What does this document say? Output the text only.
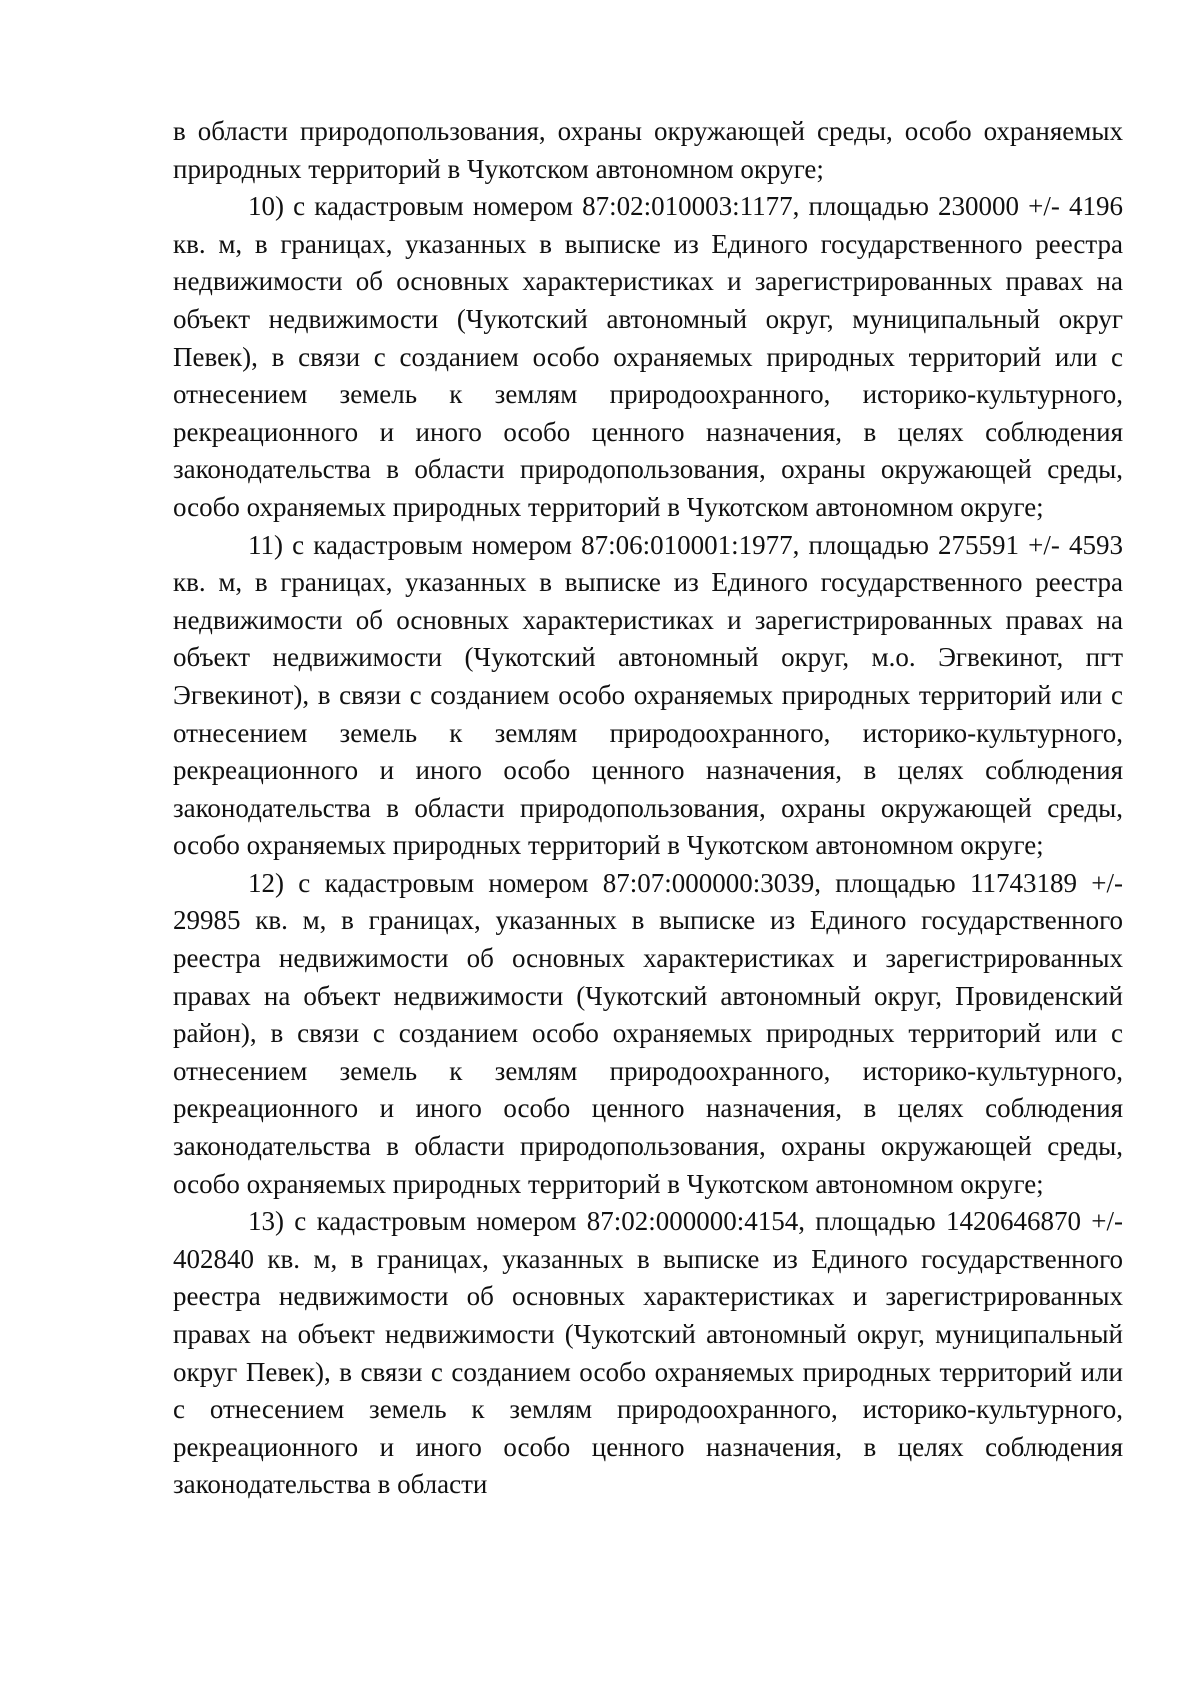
в области природопользования, охраны окружающей среды, особо охраняемых природных территорий в Чукотском автономном округе;

10) с кадастровым номером 87:02:010003:1177, площадью 230000 +/- 4196 кв. м, в границах, указанных в выписке из Единого государственного реестра недвижимости об основных характеристиках и зарегистрированных правах на объект недвижимости (Чукотский автономный округ, муниципальный округ Певек), в связи с созданием особо охраняемых природных территорий или с отнесением земель к землям природоохранного, историко-культурного, рекреационного и иного особо ценного назначения, в целях соблюдения законодательства в области природопользования, охраны окружающей среды, особо охраняемых природных территорий в Чукотском автономном округе;

11) с кадастровым номером 87:06:010001:1977, площадью 275591 +/- 4593 кв. м, в границах, указанных в выписке из Единого государственного реестра недвижимости об основных характеристиках и зарегистрированных правах на объект недвижимости (Чукотский автономный округ, м.о. Эгвекинот, пгт Эгвекинот), в связи с созданием особо охраняемых природных территорий или с отнесением земель к землям природоохранного, историко-культурного, рекреационного и иного особо ценного назначения, в целях соблюдения законодательства в области природопользования, охраны окружающей среды, особо охраняемых природных территорий в Чукотском автономном округе;

12) с кадастровым номером 87:07:000000:3039, площадью 11743189 +/- 29985 кв. м, в границах, указанных в выписке из Единого государственного реестра недвижимости об основных характеристиках и зарегистрированных правах на объект недвижимости (Чукотский автономный округ, Провиденский район), в связи с созданием особо охраняемых природных территорий или с отнесением земель к землям природоохранного, историко-культурного, рекреационного и иного особо ценного назначения, в целях соблюдения законодательства в области природопользования, охраны окружающей среды, особо охраняемых природных территорий в Чукотском автономном округе;

13) с кадастровым номером 87:02:000000:4154, площадью 1420646870 +/- 402840 кв. м, в границах, указанных в выписке из Единого государственного реестра недвижимости об основных характеристиках и зарегистрированных правах на объект недвижимости (Чукотский автономный округ, муниципальный округ Певек), в связи с созданием особо охраняемых природных территорий или с отнесением земель к землям природоохранного, историко-культурного, рекреационного и иного особо ценного назначения, в целях соблюдения законодательства в области
